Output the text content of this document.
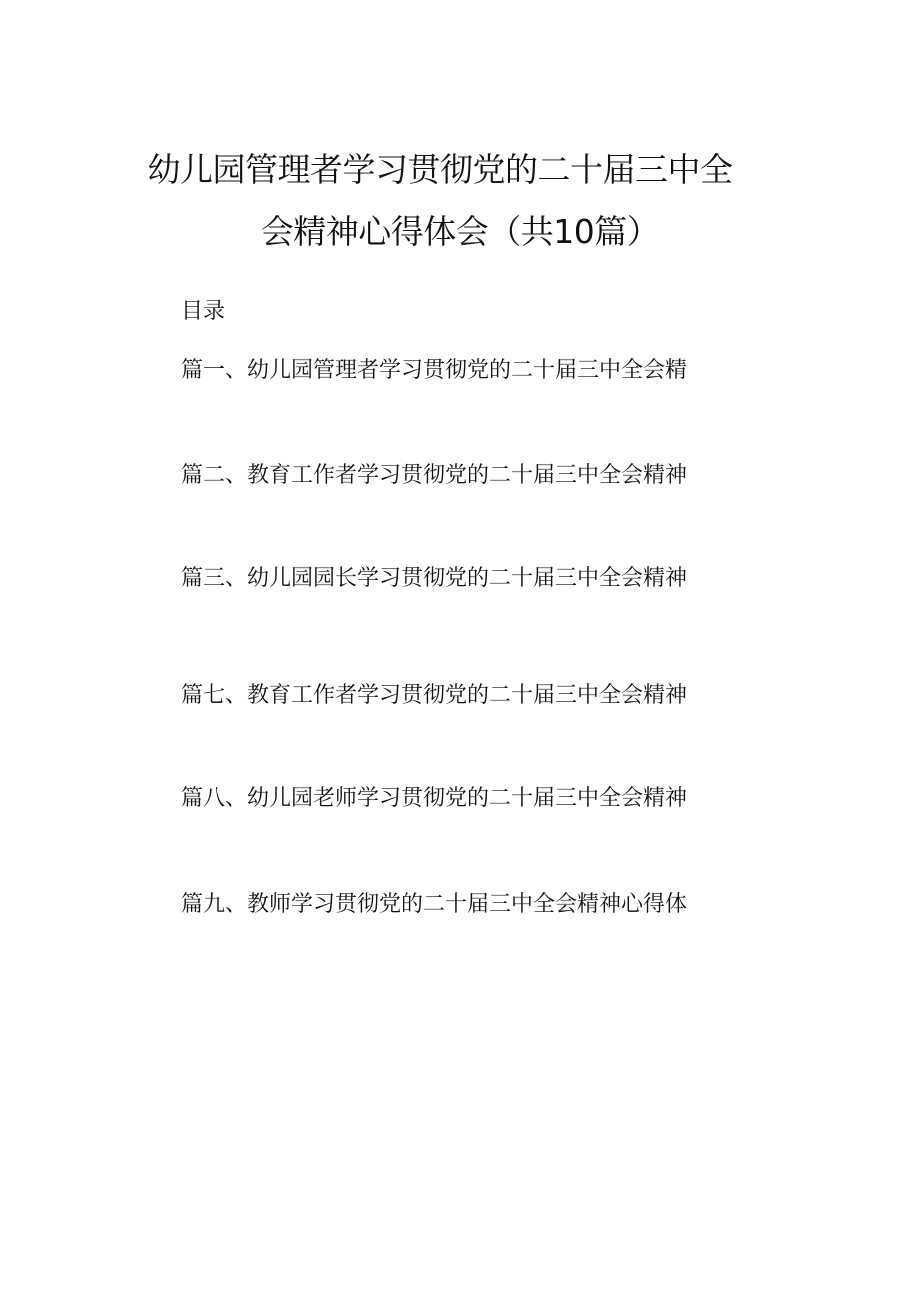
幼儿园管理者学习贯彻党的二十届三中全
会精神心得体会（共10篇）
目录
篇一、幼儿园管理者学习贯彻党的二十届三中全会精
篇二、教育工作者学习贯彻党的二十届三中全会精神
篇三、幼儿园园长学习贯彻党的二十届三中全会精神
篇七、教育工作者学习贯彻党的二十届三中全会精神
篇八、幼儿园老师学习贯彻党的二十届三中全会精神
篇九、教师学习贯彻党的二十届三中全会精神心得体
